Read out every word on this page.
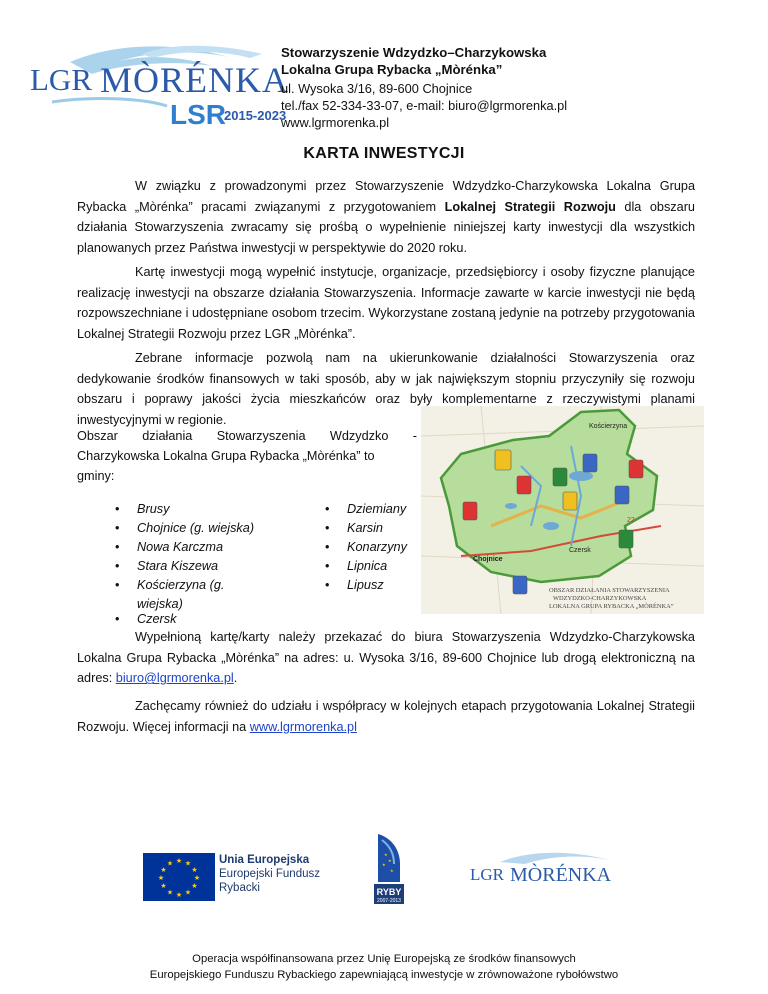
LGR MÒRÉNKA
LSR
2015-2023
Stowarzyszenie Wdzydzko–Charzykowska
Lokalna Grupa Rybacka „Mòrénka”
ul. Wysoka 3/16, 89-600 Chojnice
tel./fax 52-334-33-07, e-mail: biuro@lgrmorenka.pl
www.lgrmorenka.pl
KARTA INWESTYCJI
W związku z prowadzonymi przez Stowarzyszenie Wdzydzko-Charzykowska Lokalna Grupa Rybacka „Mòrénka” pracami związanymi z przygotowaniem Lokalnej Strategii Rozwoju dla obszaru działania Stowarzyszenia zwracamy się prośbą o wypełnienie niniejszej karty inwestycji dla wszystkich planowanych przez Państwa inwestycji w perspektywie do 2020 roku.
Kartę inwestycji mogą wypełnić instytucje, organizacje, przedsiębiorcy i osoby fizyczne planujące realizację inwestycji na obszarze działania Stowarzyszenia. Informacje zawarte w karcie inwestycji nie będą rozpowszechniane i udostępniane osobom trzecim. Wykorzystane zostaną jedynie na potrzeby przygotowania Lokalnej Strategii Rozwoju przez LGR „Mòrénka”.
Zebrane informacje pozwolą nam na ukierunkowanie działalności Stowarzyszenia oraz dedykowanie środków finansowych w taki sposób, aby w jak największym stopniu przyczyniły się rozwoju obszaru i poprawy jakości życia mieszkańców oraz były komplementarne z rzeczywistymi planami inwestycyjnymi w regionie.
Obszar działania Stowarzyszenia Wdzydzko -
Charzykowska Lokalna Grupa Rybacka „Mòrénka” to
gminy:
• Brusy
• Chojnice (g. wiejska)
• Nowa Karczma
• Stara Kiszewa
• Kościerzyna (g. wiejska)
• Czersk
• Dziemiany
• Karsin
• Konarzyny
• Lipnica
• Lipusz
Kościerzyna
Chojnice
Czersk
22
OBSZAR DZIAŁANIA STOWARZYSZENIA
WDZYDZKO-CHARZYKOWSKA
LOKALNA GRUPA RYBACKA „MÒRÉNKA”
Wypełnioną kartę/karty należy przekazać do biura Stowarzyszenia Wdzydzko-Charzykowska Lokalna Grupa Rybacka „Mòrénka” na adres: u. Wysoka 3/16, 89-600 Chojnice lub drogą elektroniczną na adres: biuro@lgrmorenka.pl.
Zachęcamy również do udziału i współpracy w kolejnych etapach przygotowania Lokalnej Strategii Rozwoju. Więcej informacji na www.lgrmorenka.pl
★ ★
★
★
★
★
★
★
★
★
★
★	Unia Europejska
Europejski Fundusz
Rybacki
★
★
★
★
RYBY
2007-2013
LGR MÒRÉNKA
Operacja współfinansowana przez Unię Europejską ze środków finansowych
Europejskiego Funduszu Rybackiego zapewniającą inwestycje w zrównoważone rybołówstwo
